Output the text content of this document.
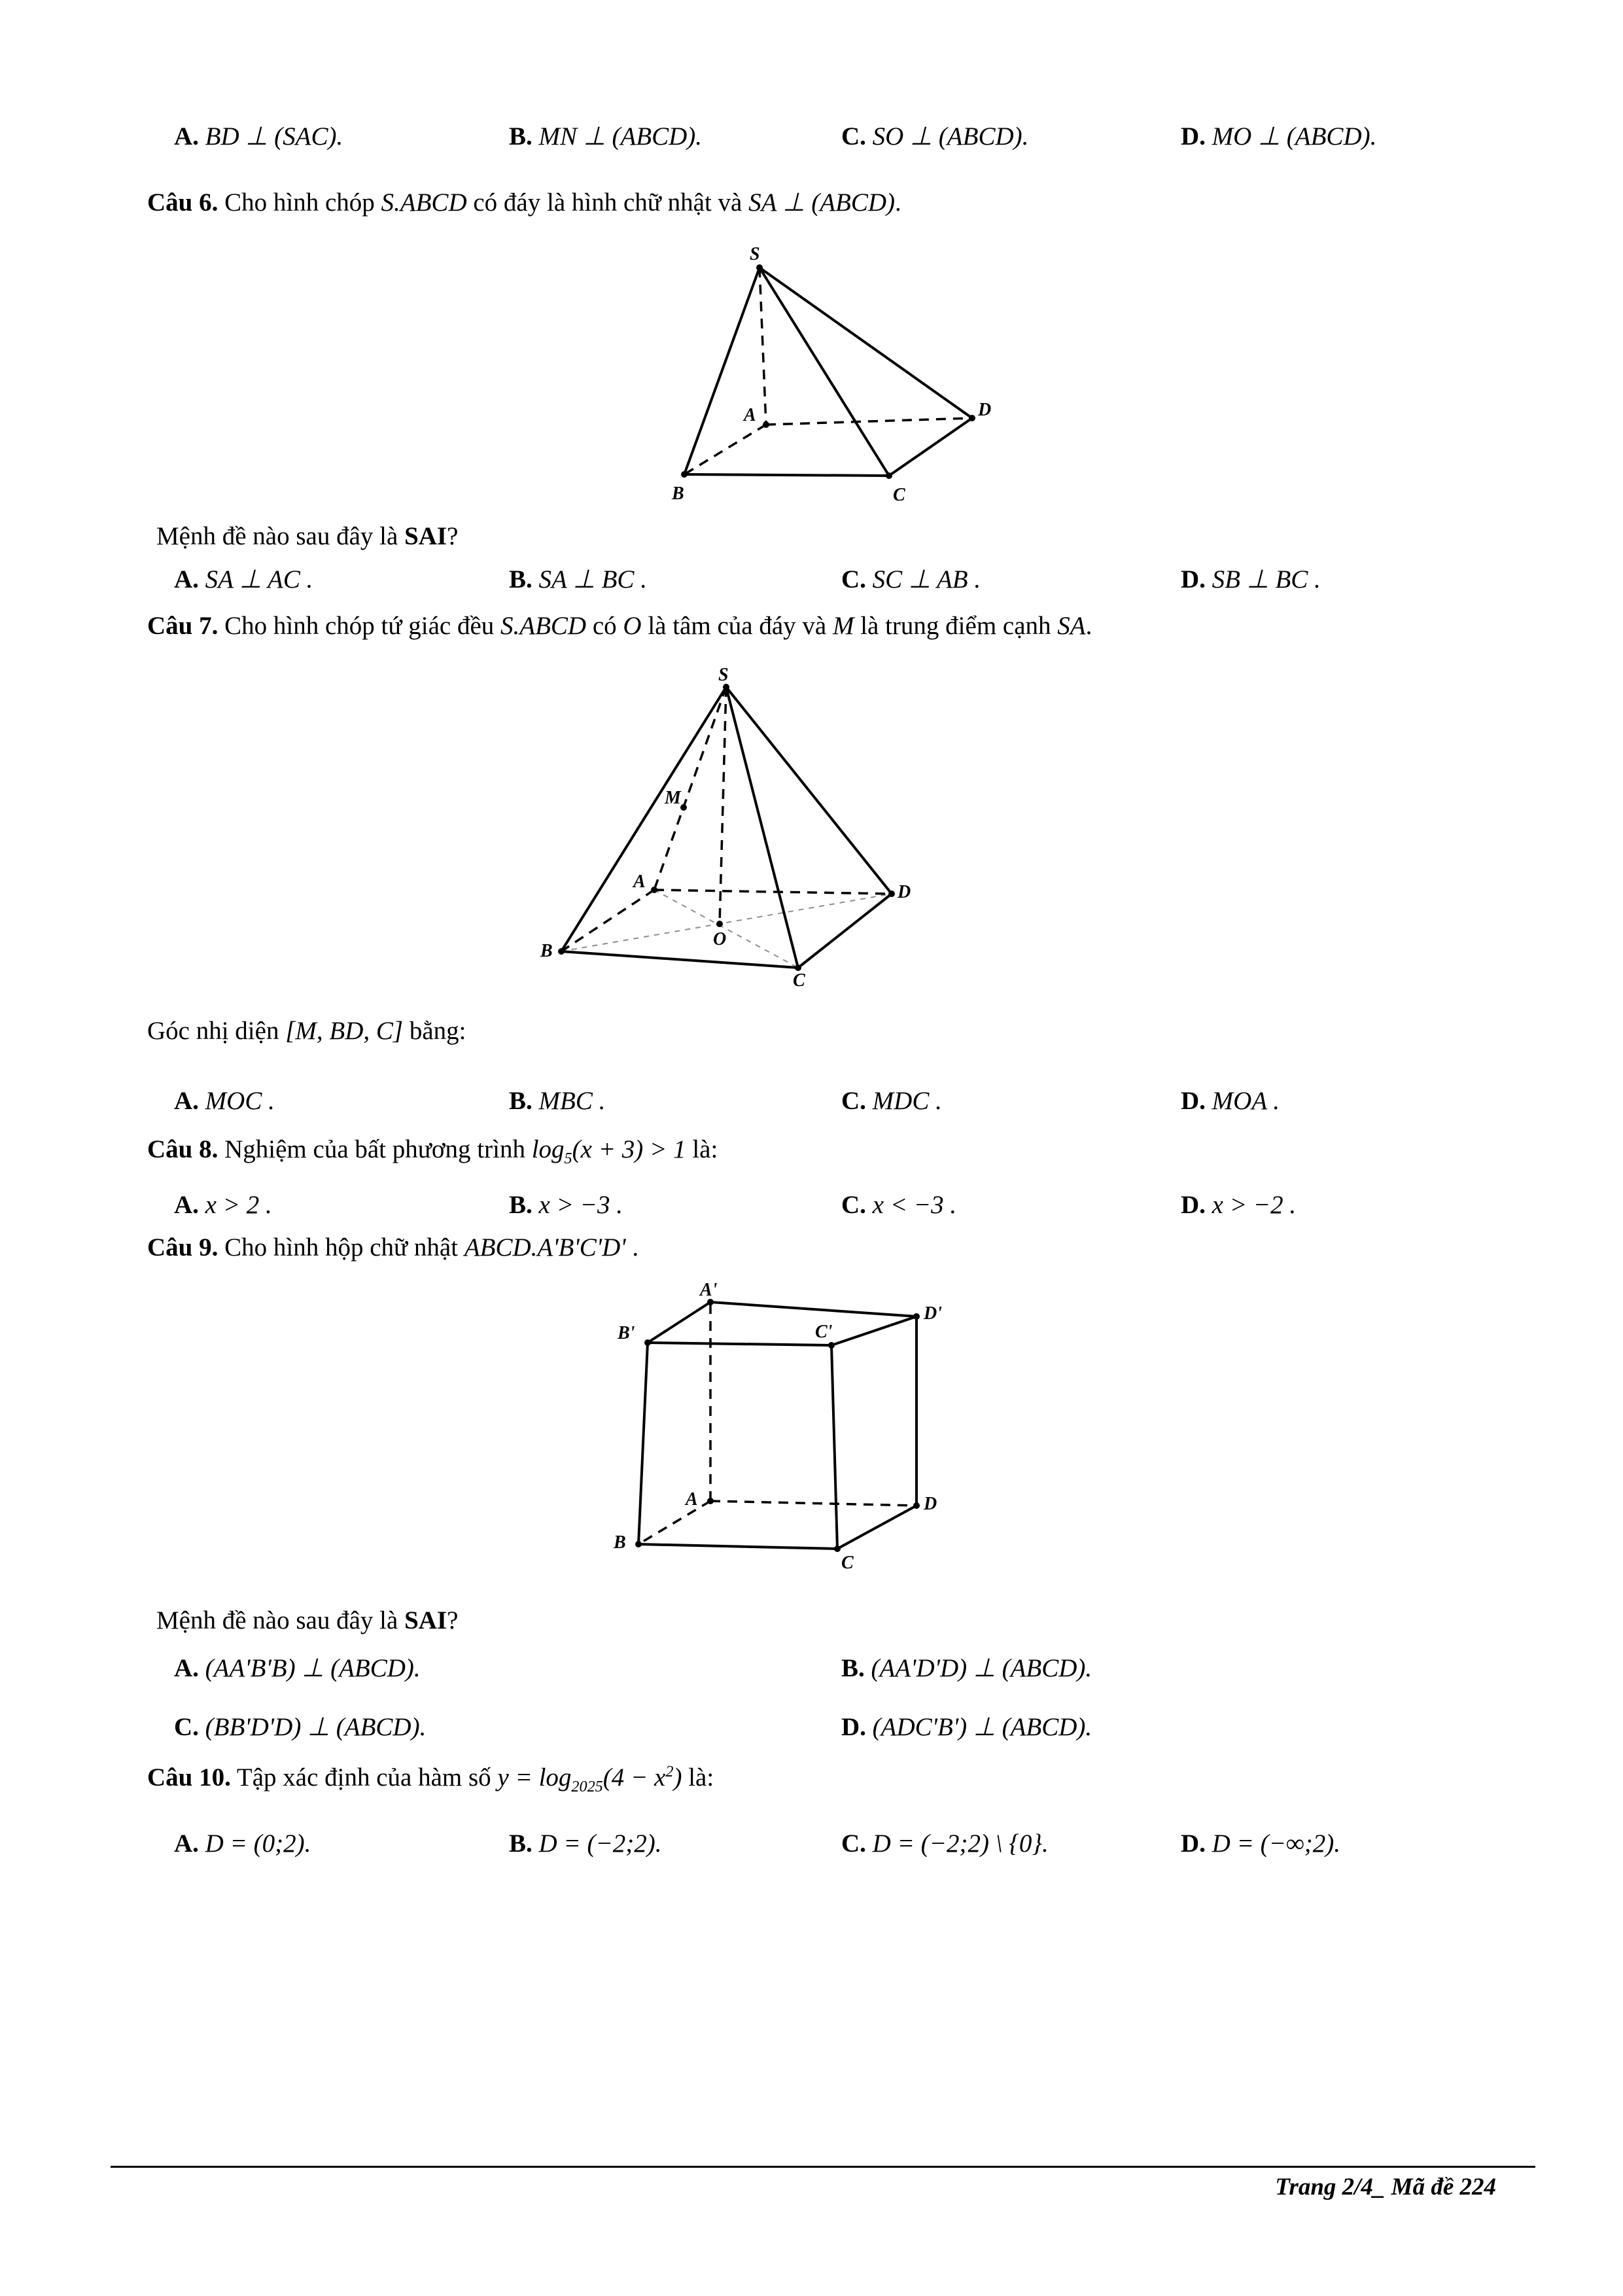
A. BD ⊥ (SAC).	B. MN ⊥ (ABCD).	C. SO ⊥ (ABCD).	D. MO ⊥ (ABCD).

Câu 6. Cho hình chóp S.ABCD có đáy là hình chữ nhật và SA ⊥ (ABCD).

S
A
B	C
D

Mệnh đề nào sau đây là SAI?

A. SA ⊥ AC .	B. SA ⊥ BC .	C. SC ⊥ AB .	D. SB ⊥ BC .

Câu 7. Cho hình chóp tứ giác đều S.ABCD có O là tâm của đáy và M là trung điểm cạnh SA.

S
M
A
B
C
D
O

Góc nhị diện [M, BD, C] bằng:

A. MOC .	B. MBC .	C. MDC .	D. MOA .

Câu 8. Nghiệm của bất phương trình $\log_5(x + 3) > 1$ là:

A. x > 2 .	B. x > −3 .	C. x < −3 .	D. x > −2 .

Câu 9. Cho hình hộp chữ nhật ABCD.A'B'C'D' .

A'
D'
B'	C'
A	D
B
C

Mệnh đề nào sau đây là SAI?

A. (AA'B'B) ⊥ (ABCD).	B. (AA'D'D) ⊥ (ABCD).
C. (BB'D'D) ⊥ (ABCD).	D. (ADC'B') ⊥ (ABCD).

Câu 10. Tập xác định của hàm số $y = \log_{2025}(4 - x^2)$ là:

A. D = (0;2).	B. D = (−2;2).	C. D = (−2;2) \ {0}.	D. D = (−∞;2).
Trang 2/4_ Mã đề 224
